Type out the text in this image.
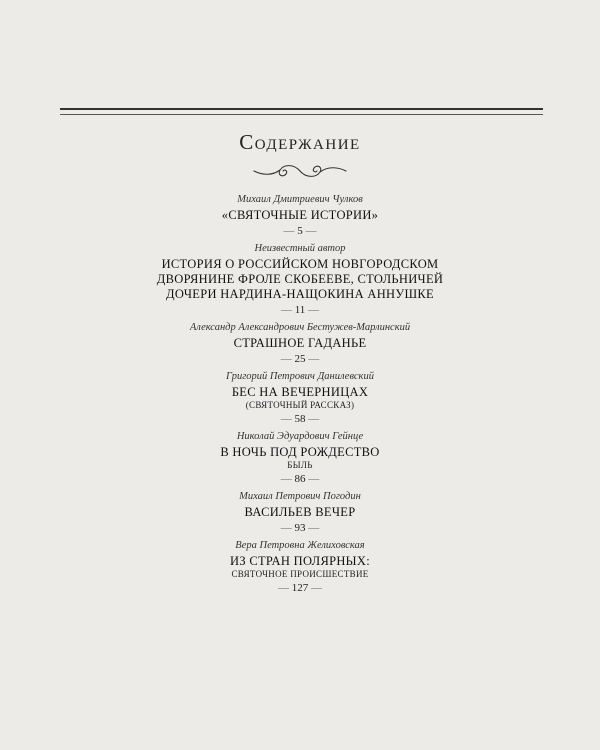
Содержание
Михаил Дмитриевич Чулков
«СВЯТОЧНЫЕ ИСТОРИИ»
— 5 —
Неизвестный автор
ИСТОРИЯ О РОССИЙСКОМ НОВГОРОДСКОМ
ДВОРЯНИНЕ ФРОЛЕ СКОБЕЕВЕ, СТОЛЬНИЧЕЙ
ДОЧЕРИ НАРДИНА-НАЩОКИНА АННУШКЕ
— 11 —
Александр Александрович Бестужев-Марлинский
СТРАШНОЕ ГАДАНЬЕ
— 25 —
Григорий Петрович Данилевский
БЕС НА ВЕЧЕРНИЦАХ
(СВЯТОЧНЫЙ РАССКАЗ)
— 58 —
Николай Эдуардович Гейнце
В НОЧЬ ПОД РОЖДЕСТВО
БЫЛЬ
— 86 —
Михаил Петрович Погодин
ВАСИЛЬЕВ ВЕЧЕР
— 93 —
Вера Петровна Желиховская
ИЗ СТРАН ПОЛЯРНЫХ:
СВЯТОЧНОЕ ПРОИСШЕСТВИЕ
— 127 —
